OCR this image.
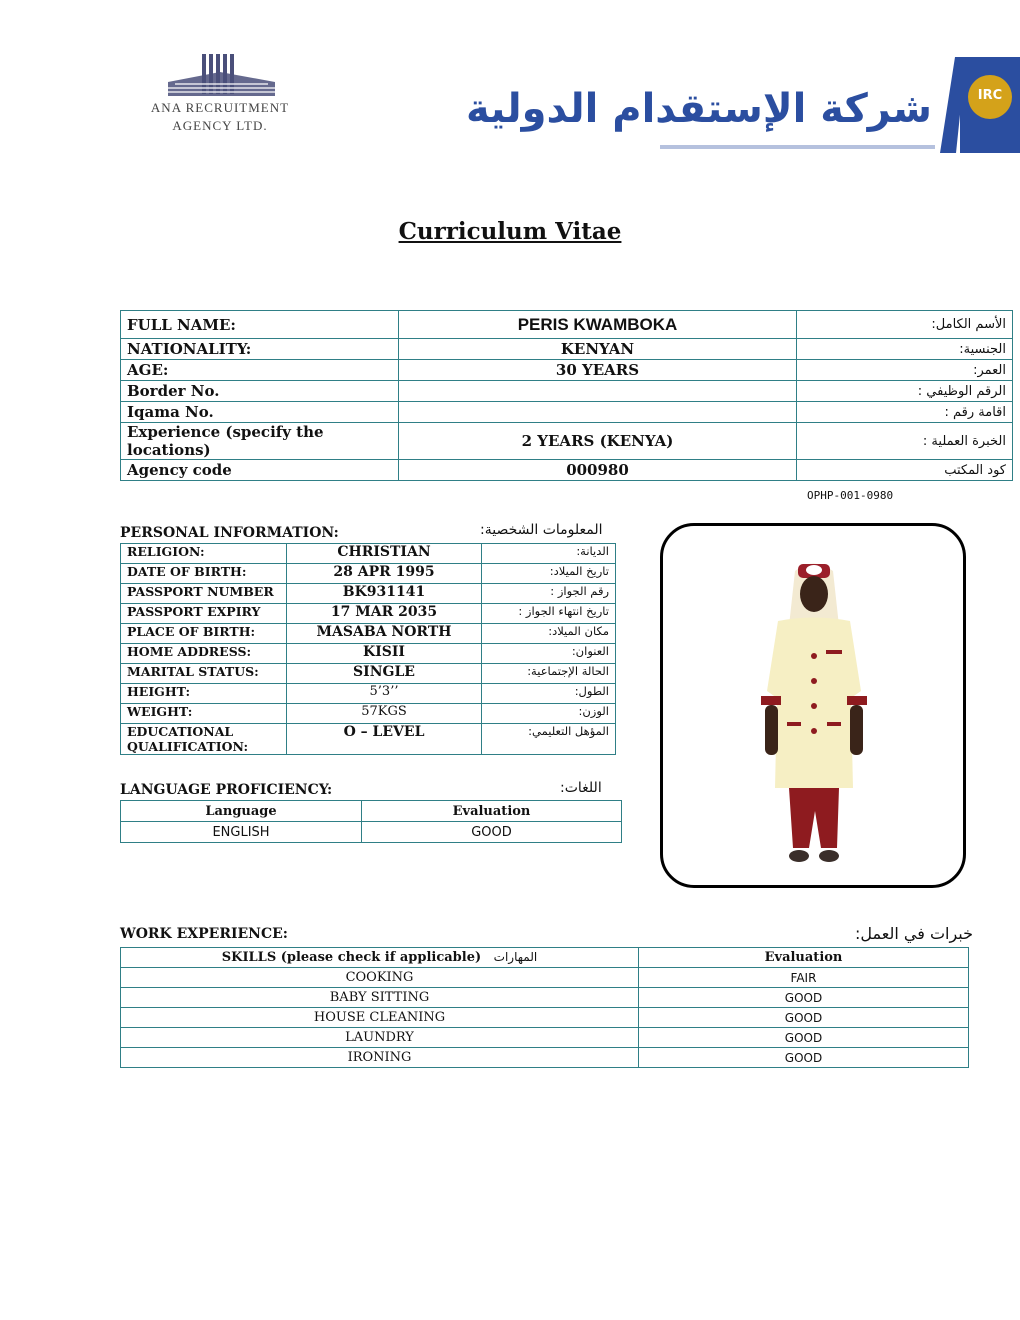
ANA RECRUITMENT
AGENCY LTD.
IRC
شركة الإستقدام الدولية
Curriculum Vitae
FULL NAME:	PERIS KWAMBOKA	الأسم الكامل:
NATIONALITY:	KENYAN	الجنسية:
AGE:	30 YEARS	العمر:
Border No.		الرقم الوظيفي :
Iqama No.		اقامة رقم :
Experience (specify the locations)	2 YEARS (KENYA)	الخبرة العملية :
Agency code	000980	كود المكتب
OPHP-001-0980
PERSONAL INFORMATION:	المعلومات الشخصية:
RELIGION:	CHRISTIAN	الديانة:
DATE OF BIRTH:	28 APR 1995	تاريخ الميلاد:
PASSPORT NUMBER	BK931141	رقم الجواز :
PASSPORT EXPIRY	17 MAR 2035	تاريخ انتهاء الجواز :
PLACE OF BIRTH:	MASABA NORTH	مكان الميلاد:
HOME ADDRESS:	KISII	العنوان:
MARITAL STATUS:	SINGLE	الحالة الإجتماعية:
HEIGHT:	5’3’’	الطول:
WEIGHT:	57KGS	الوزن:
EDUCATIONAL QUALIFICATION:	O – LEVEL	المؤهل التعليمي:
LANGUAGE PROFICIENCY:	اللغات:
Language	Evaluation
ENGLISH	GOOD
WORK EXPERIENCE:	خبرات في العمل:
SKILLS (please check if applicable) المهارات	Evaluation
COOKING	FAIR
BABY SITTING	GOOD
HOUSE CLEANING	GOOD
LAUNDRY	GOOD
IRONING	GOOD
